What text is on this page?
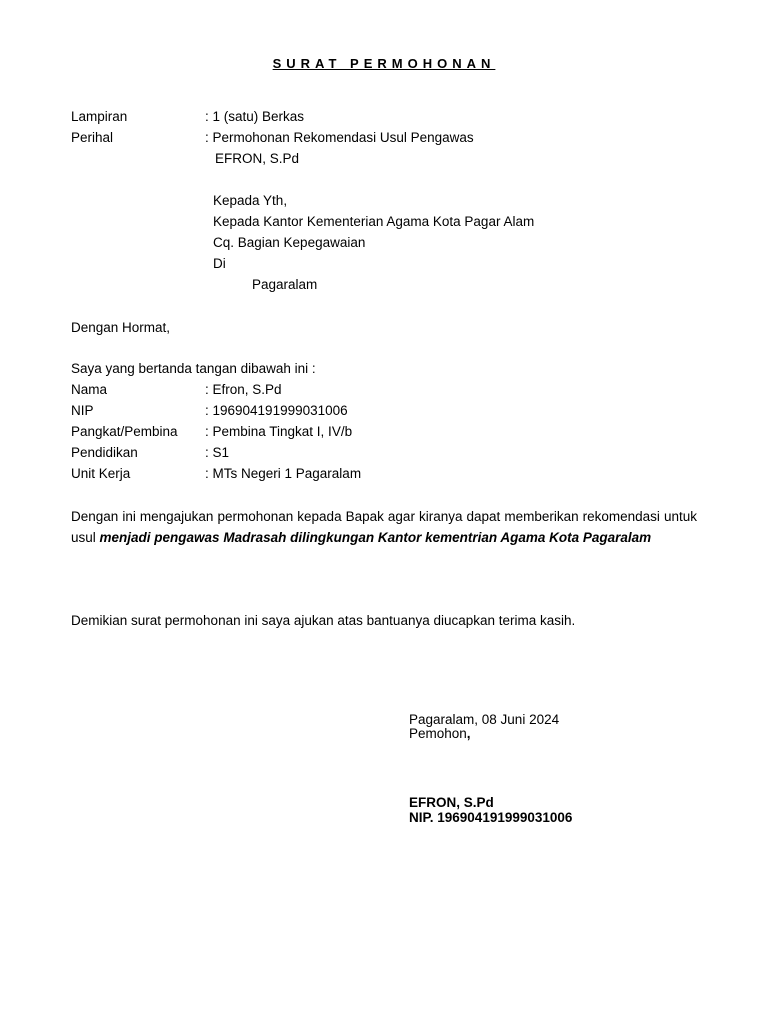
SURAT PERMOHONAN
Lampiran	: 1 (satu) Berkas
Perihal	: Permohonan Rekomendasi Usul Pengawas
EFRON, S.Pd
Kepada Yth,
Kepada Kantor Kementerian Agama Kota Pagar Alam
Cq. Bagian Kepegawaian
Di
Pagaralam
Dengan Hormat,
Saya yang bertanda tangan dibawah ini :
Nama	: Efron, S.Pd
NIP	: 196904191999031006
Pangkat/Pembina : Pembina Tingkat I, IV/b
Pendidikan	: S1
Unit Kerja	: MTs Negeri 1 Pagaralam
Dengan ini mengajukan permohonan kepada Bapak agar kiranya dapat memberikan rekomendasi untuk usul menjadi pengawas Madrasah dilingkungan Kantor kementrian Agama Kota Pagaralam
Demikian surat permohonan ini saya ajukan atas bantuanya diucapkan terima kasih.
Pagaralam, 08 Juni 2024
Pemohon,
EFRON, S.Pd
NIP. 196904191999031006
